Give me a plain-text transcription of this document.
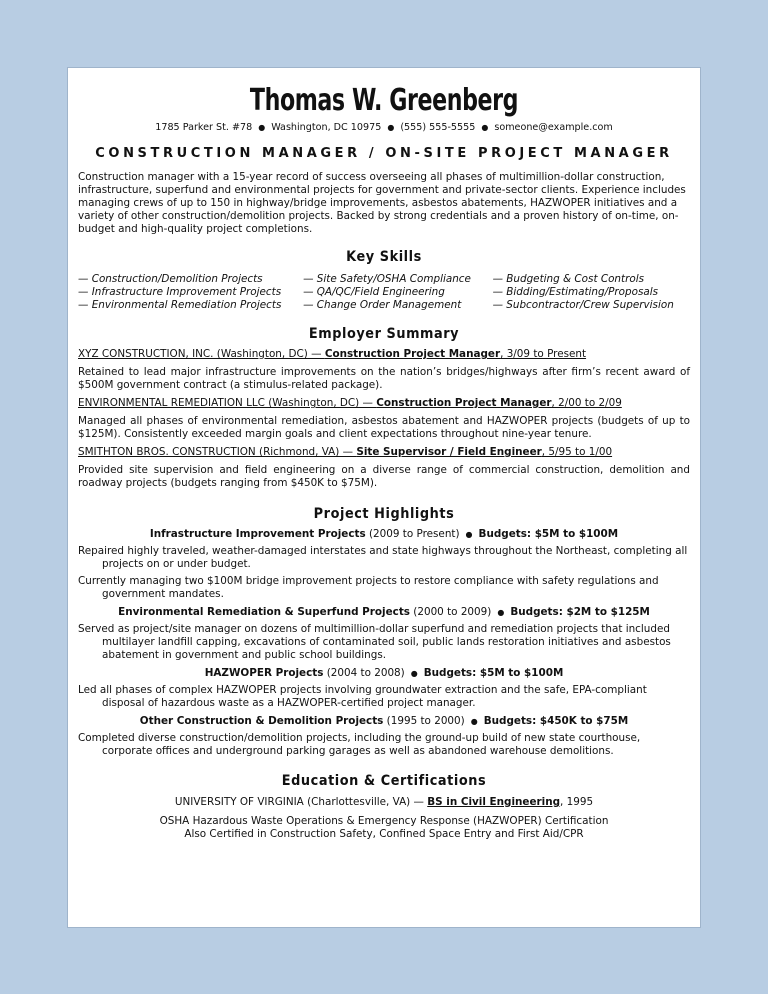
Thomas W. Greenberg
1785 Parker St. #78 ● Washington, DC 10975 ● (555) 555-5555 ● someone@example.com
CONSTRUCTION MANAGER / ON-SITE PROJECT MANAGER
Construction manager with a 15-year record of success overseeing all phases of multimillion-dollar construction, infrastructure, superfund and environmental projects for government and private-sector clients. Experience includes managing crews of up to 150 in highway/bridge improvements, asbestos abatements, HAZWOPER initiatives and a variety of other construction/demolition projects. Backed by strong credentials and a proven history of on-time, on-budget and high-quality project completions.
Key Skills
— Construction/Demolition Projects
— Infrastructure Improvement Projects
— Environmental Remediation Projects
— Site Safety/OSHA Compliance
— QA/QC/Field Engineering
— Change Order Management
— Budgeting & Cost Controls
— Bidding/Estimating/Proposals
— Subcontractor/Crew Supervision
Employer Summary
XYZ CONSTRUCTION, INC. (Washington, DC) — Construction Project Manager, 3/09 to Present
Retained to lead major infrastructure improvements on the nation’s bridges/highways after firm’s recent award of $500M government contract (a stimulus-related package).
ENVIRONMENTAL REMEDIATION LLC (Washington, DC) — Construction Project Manager, 2/00 to 2/09
Managed all phases of environmental remediation, asbestos abatement and HAZWOPER projects (budgets of up to $125M). Consistently exceeded margin goals and client expectations throughout nine-year tenure.
SMITHTON BROS. CONSTRUCTION (Richmond, VA) — Site Supervisor / Field Engineer, 5/95 to 1/00
Provided site supervision and field engineering on a diverse range of commercial construction, demolition and roadway projects (budgets ranging from $450K to $75M).
Project Highlights
Infrastructure Improvement Projects (2009 to Present) ● Budgets: $5M to $100M
Repaired highly traveled, weather-damaged interstates and state highways throughout the Northeast, completing all projects on or under budget.
Currently managing two $100M bridge improvement projects to restore compliance with safety regulations and government mandates.
Environmental Remediation & Superfund Projects (2000 to 2009) ● Budgets: $2M to $125M
Served as project/site manager on dozens of multimillion-dollar superfund and remediation projects that included multilayer landfill capping, excavations of contaminated soil, public lands restoration initiatives and asbestos abatement in government and public school buildings.
HAZWOPER Projects (2004 to 2008) ● Budgets: $5M to $100M
Led all phases of complex HAZWOPER projects involving groundwater extraction and the safe, EPA-compliant disposal of hazardous waste as a HAZWOPER-certified project manager.
Other Construction & Demolition Projects (1995 to 2000) ● Budgets: $450K to $75M
Completed diverse construction/demolition projects, including the ground-up build of new state courthouse, corporate offices and underground parking garages as well as abandoned warehouse demolitions.
Education & Certifications
UNIVERSITY OF VIRGINIA (Charlottesville, VA) — BS in Civil Engineering, 1995
OSHA Hazardous Waste Operations & Emergency Response (HAZWOPER) Certification
Also Certified in Construction Safety, Confined Space Entry and First Aid/CPR
